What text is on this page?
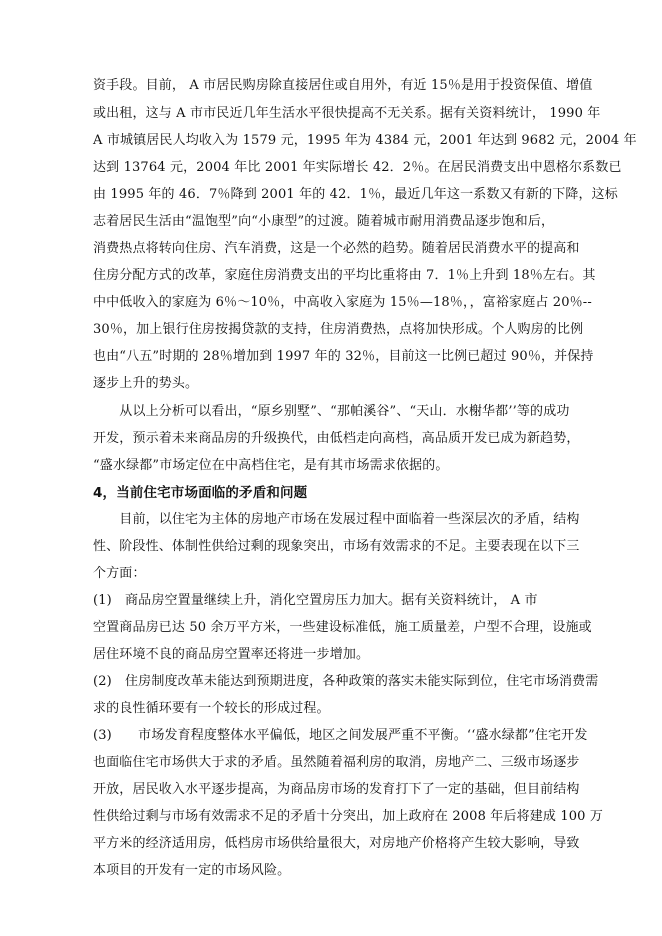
资手段。目前， A 市居民购房除直接居住或自用外，有近 15％是用于投资保值、增值
或出租，这与 A 市市民近几年生活水平很快提高不无关系。据有关资料统计， 1990 年
A 市城镇居民人均收入为 1579 元，1995 年为 4384 元，2001 年达到 9682 元，2004 年
达到 13764 元，2004 年比 2001 年实际增长 42．2％。在居民消费支出中恩格尔系数已
由 1995 年的 46．7％降到 2001 年的 42．1％，最近几年这一系数又有新的下降，这标
志着居民生活由“温饱型”向“小康型”的过渡。随着城市耐用消费品逐步饱和后，
消费热点将转向住房、汽车消费，这是一个必然的趋势。随着居民消费水平的提高和
住房分配方式的改革，家庭住房消费支出的平均比重将由 7．1％上升到 18％左右。其
中中低收入的家庭为 6％～10％，中高收入家庭为 15％—18％，，富裕家庭占 20％--
30％，加上银行住房按揭贷款的支持，住房消费热，点将加快形成。个人购房的比例
也由“八五”时期的 28％增加到 1997 年的 32％，目前这一比例已超过 90％，并保持
逐步上升的势头。
　　从以上分析可以看出，“原乡别墅”、“那帕溪谷”、“天山．水榭华都’’等的成功
开发，预示着未来商品房的升级换代，由低档走向高档，高品质开发已成为新趋势，
“盛水绿都”市场定位在中高档住宅，是有其市场需求依据的。
4，当前住宅市场面临的矛盾和问题
　　目前，以住宅为主体的房地产市场在发展过程中面临着一些深层次的矛盾，结构
性、阶段性、体制性供给过剩的现象突出，市场有效需求的不足。主要表现在以下三
个方面：
(1)　商品房空置量继续上升，消化空置房压力加大。据有关资料统计， A 市
空置商品房已达 50 余万平方米，一些建设标准低，施工质量差，户型不合理，设施或
居住环境不良的商品房空置率还将进一步增加。
(2)　住房制度改革未能达到预期进度，各种政策的落实未能实际到位，住宅市场消费需
求的良性循环要有一个较长的形成过程。
(3)　　市场发育程度整体水平偏低，地区之间发展严重不平衡。‘‘盛水绿都”住宅开发
也面临住宅市场供大于求的矛盾。虽然随着福利房的取消，房地产二、三级市场逐步
开放，居民收入水平逐步提高，为商品房市场的发育打下了一定的基础，但目前结构
性供给过剩与市场有效需求不足的矛盾十分突出，加上政府在 2008 年后将建成 100 万
平方米的经济适用房，低档房市场供给量很大，对房地产价格将产生较大影响，导致
本项目的开发有一定的市场风险。
